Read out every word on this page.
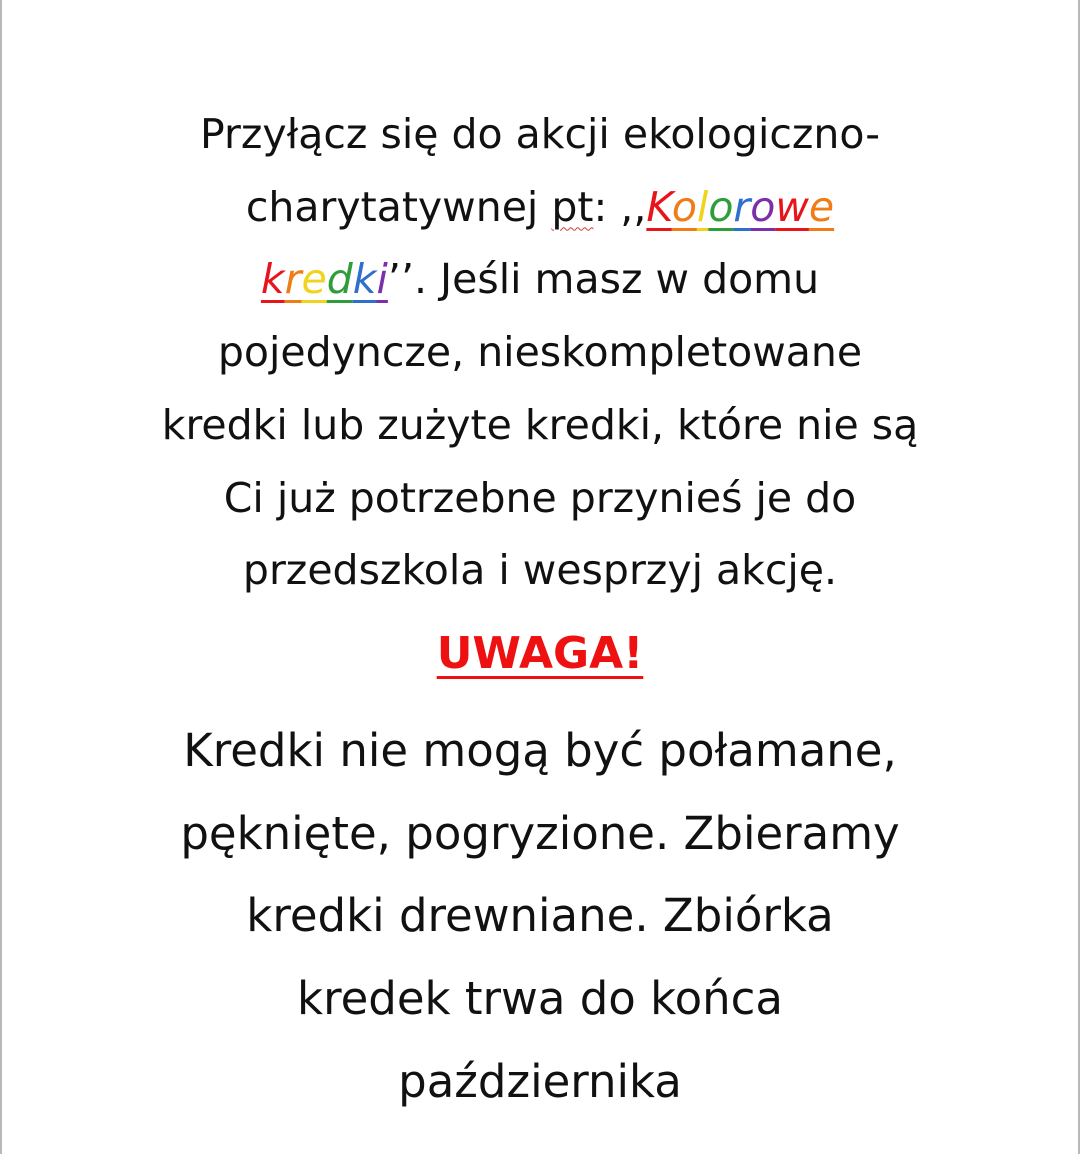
Przyłącz się do akcji ekologiczno-
charytatywnej pt: ,,Kolorowe
kredki’’. Jeśli masz w domu
pojedyncze, nieskompletowane
kredki lub zużyte kredki, które nie są
Ci już potrzebne przynieś je do
przedszkola i wesprzyj akcję.
UWAGA!
Kredki nie mogą być połamane,
pęknięte, pogryzione. Zbieramy
kredki drewniane. Zbiórka
kredek trwa do końca
października
